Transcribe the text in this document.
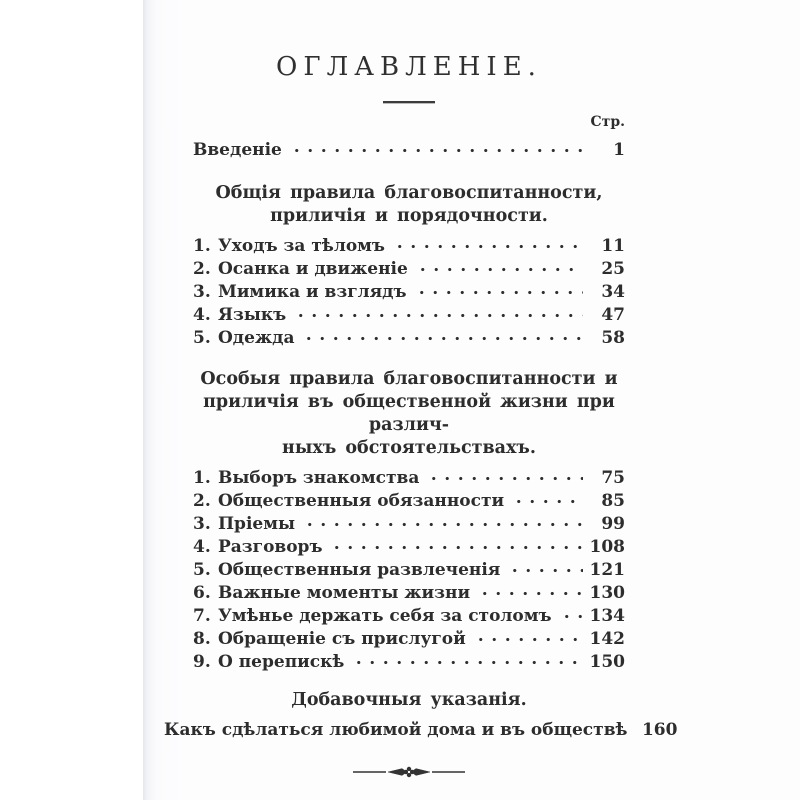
ОГЛАВЛЕНІЕ.
Стр.
Введеніе	1
Общія правила благовоспитанности,
приличія и порядочности.
1. Уходъ за тѣломъ	11
2. Осанка и движеніе	25
3. Мимика и взглядъ	34
4. Языкъ	47
5. Одежда	58
Особыя правила благовоспитанности и
приличія въ общественной жизни при различ-
ныхъ обстоятельствахъ.
1. Выборъ знакомства	75
2. Общественныя обязанности	85
3. Пріемы	99
4. Разговоръ	108
5. Общественныя развлеченія	121
6. Важные моменты жизни	130
7. Умѣнье держать себя за столомъ 134
8. Обращеніе съ прислугой	142
9. О перепискѣ	150
Добавочныя указанія.
Какъ сдѣлаться любимой дома и въ обществѣ 160
